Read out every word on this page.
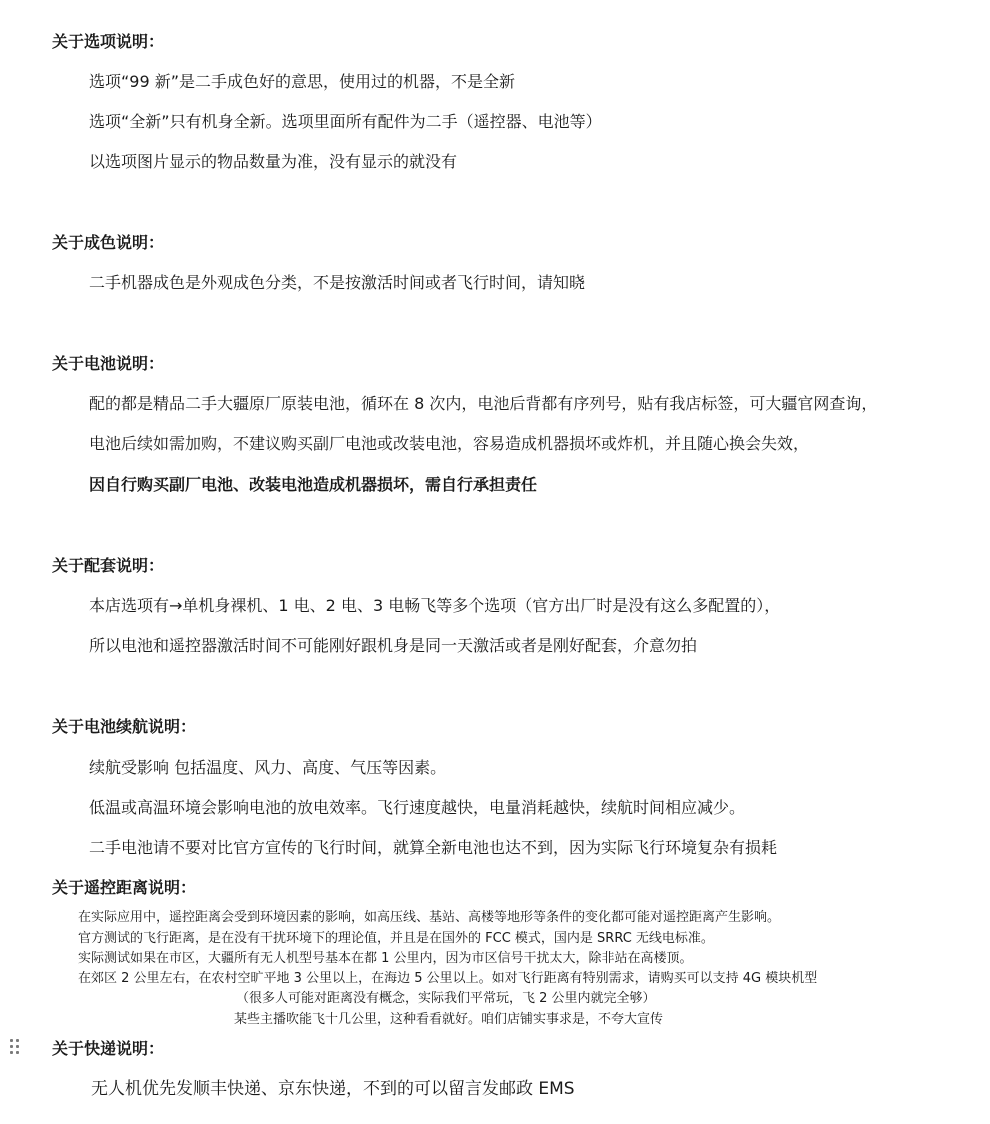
关于选项说明：
选项“99 新”是二手成色好的意思，使用过的机器，不是全新
选项“全新”只有机身全新。选项里面所有配件为二手（遥控器、电池等）
以选项图片显示的物品数量为准，没有显示的就没有
关于成色说明：
二手机器成色是外观成色分类，不是按激活时间或者飞行时间，请知晓
关于电池说明：
配的都是精品二手大疆原厂原装电池，循环在 8 次内，电池后背都有序列号，贴有我店标签，可大疆官网查询，
电池后续如需加购，不建议购买副厂电池或改装电池，容易造成机器损坏或炸机，并且随心换会失效，
因自行购买副厂电池、改装电池造成机器损坏，需自行承担责任
关于配套说明：
本店选项有→单机身裸机、1 电、2 电、3 电畅飞等多个选项（官方出厂时是没有这么多配置的），
所以电池和遥控器激活时间不可能刚好跟机身是同一天激活或者是刚好配套，介意勿拍
关于电池续航说明：
续航受影响 包括温度、风力、高度、气压等因素。
低温或高温环境会影响电池的放电效率。飞行速度越快，电量消耗越快，续航时间相应减少。
二手电池请不要对比官方宣传的飞行时间，就算全新电池也达不到，因为实际飞行环境复杂有损耗
关于遥控距离说明：
在实际应用中，遥控距离会受到环境因素的影响，如高压线、基站、高楼等地形等条件的变化都可能对遥控距离产生影响。
官方测试的飞行距离，是在没有干扰环境下的理论值，并且是在国外的 FCC 模式，国内是 SRRC 无线电标准。
实际测试如果在市区，大疆所有无人机型号基本在都 1 公里内，因为市区信号干扰太大，除非站在高楼顶。
在郊区 2 公里左右，在农村空旷平地 3 公里以上，在海边 5 公里以上。如对飞行距离有特别需求，请购买可以支持 4G 模块机型
（很多人可能对距离没有概念，实际我们平常玩，飞 2 公里内就完全够）
某些主播吹能飞十几公里，这种看看就好。咱们店铺实事求是，不夸大宣传
关于快递说明：
无人机优先发顺丰快递、京东快递，不到的可以留言发邮政 EMS
